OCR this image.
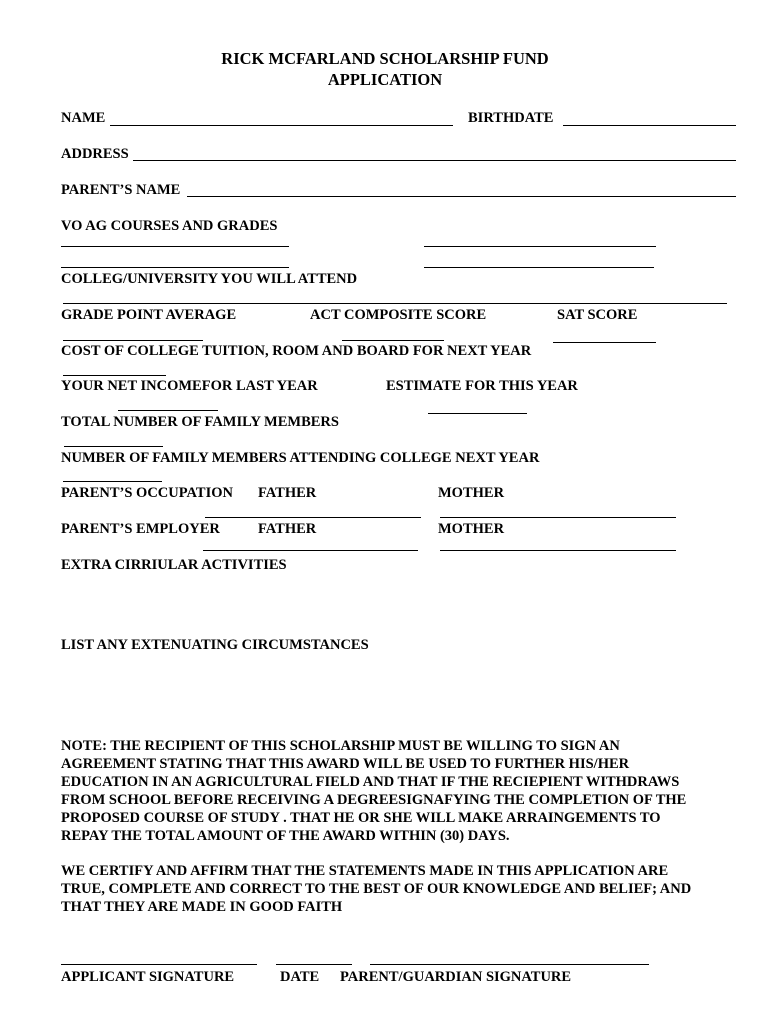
RICK MCFARLAND SCHOLARSHIP FUND
APPLICATION
NAME	BIRTHDATE
ADDRESS
PARENT’S NAME
VO AG COURSES AND GRADES
COLLEG/UNIVERSITY YOU WILL ATTEND
GRADE POINT AVERAGE	ACT COMPOSITE SCORE	SAT SCORE
COST OF COLLEGE TUITION, ROOM AND BOARD FOR NEXT YEAR
YOUR NET INCOMEFOR LAST YEAR	ESTIMATE FOR THIS YEAR
TOTAL NUMBER OF FAMILY MEMBERS
NUMBER OF FAMILY MEMBERS ATTENDING COLLEGE NEXT YEAR
PARENT’S OCCUPATION FATHER	MOTHER
PARENT’S EMPLOYER	FATHER	MOTHER
EXTRA CIRRIULAR ACTIVITIES
LIST ANY EXTENUATING CIRCUMSTANCES
NOTE: THE RECIPIENT OF THIS SCHOLARSHIP MUST BE WILLING TO SIGN AN
AGREEMENT STATING THAT THIS AWARD WILL BE USED TO FURTHER HIS/HER
EDUCATION IN AN AGRICULTURAL FIELD AND THAT IF THE RECIEPIENT WITHDRAWS
FROM SCHOOL BEFORE RECEIVING A DEGREESIGNAFYING THE COMPLETION OF THE
PROPOSED COURSE OF STUDY . THAT HE OR SHE WILL MAKE ARRAINGEMENTS TO
REPAY THE TOTAL AMOUNT OF THE AWARD WITHIN (30) DAYS.
WE CERTIFY AND AFFIRM THAT THE STATEMENTS MADE IN THIS APPLICATION ARE
TRUE, COMPLETE AND CORRECT TO THE BEST OF OUR KNOWLEDGE AND BELIEF; AND
THAT THEY ARE MADE IN GOOD FAITH
APPLICANT SIGNATURE	DATE PARENT/GUARDIAN SIGNATURE
